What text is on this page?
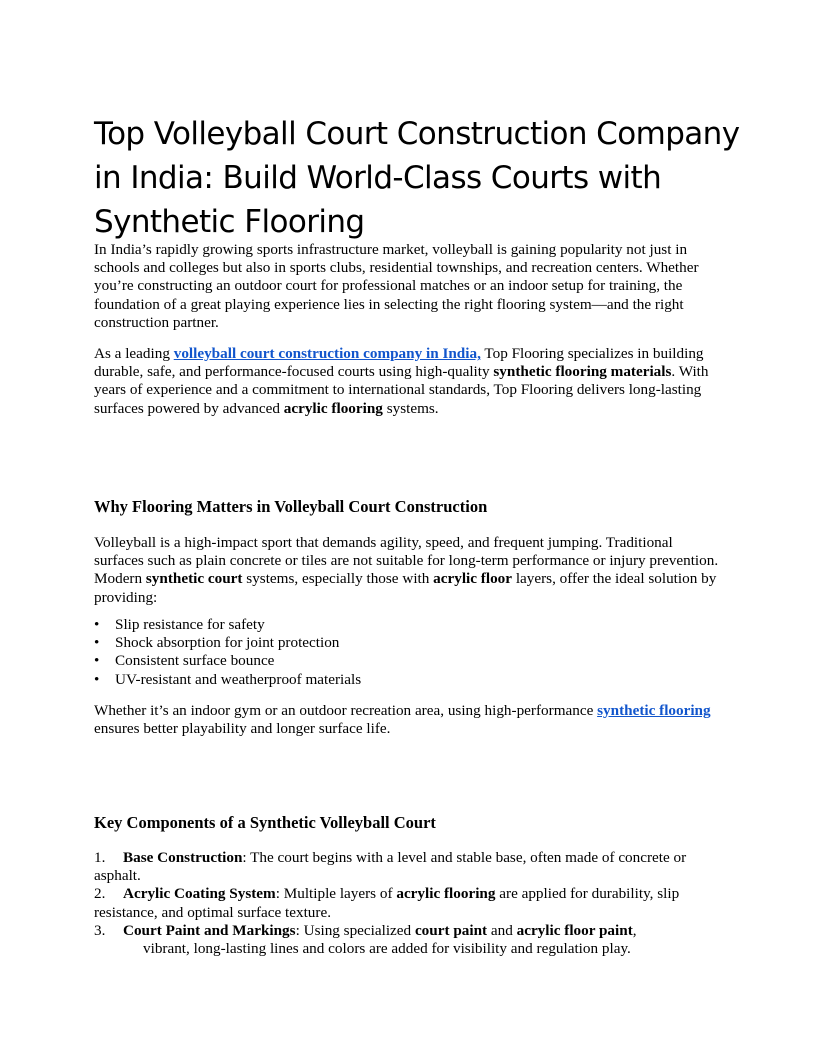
Top Volleyball Court Construction Company in India: Build World-Class Courts with Synthetic Flooring

In India’s rapidly growing sports infrastructure market, volleyball is gaining popularity not just in schools and colleges but also in sports clubs, residential townships, and recreation centers. Whether you’re constructing an outdoor court for professional matches or an indoor setup for training, the foundation of a great playing experience lies in selecting the right flooring system—and the right construction partner.

As a leading volleyball court construction company in India, Top Flooring specializes in building durable, safe, and performance-focused courts using high-quality synthetic flooring materials. With years of experience and a commitment to international standards, Top Flooring delivers long-lasting surfaces powered by advanced acrylic flooring systems.

Why Flooring Matters in Volleyball Court Construction

Volleyball is a high-impact sport that demands agility, speed, and frequent jumping. Traditional surfaces such as plain concrete or tiles are not suitable for long-term performance or injury prevention. Modern synthetic court systems, especially those with acrylic floor layers, offer the ideal solution by providing:

• Slip resistance for safety
• Shock absorption for joint protection
• Consistent surface bounce
• UV-resistant and weatherproof materials

Whether it’s an indoor gym or an outdoor recreation area, using high-performance synthetic flooring ensures better playability and longer surface life.

Key Components of a Synthetic Volleyball Court
1. Base Construction: The court begins with a level and stable base, often made of concrete or asphalt.
2. Acrylic Coating System: Multiple layers of acrylic flooring are applied for durability, slip resistance, and optimal surface texture.
3. Court Paint and Markings: Using specialized court paint and acrylic floor paint,
vibrant, long-lasting lines and colors are added for visibility and regulation play.
